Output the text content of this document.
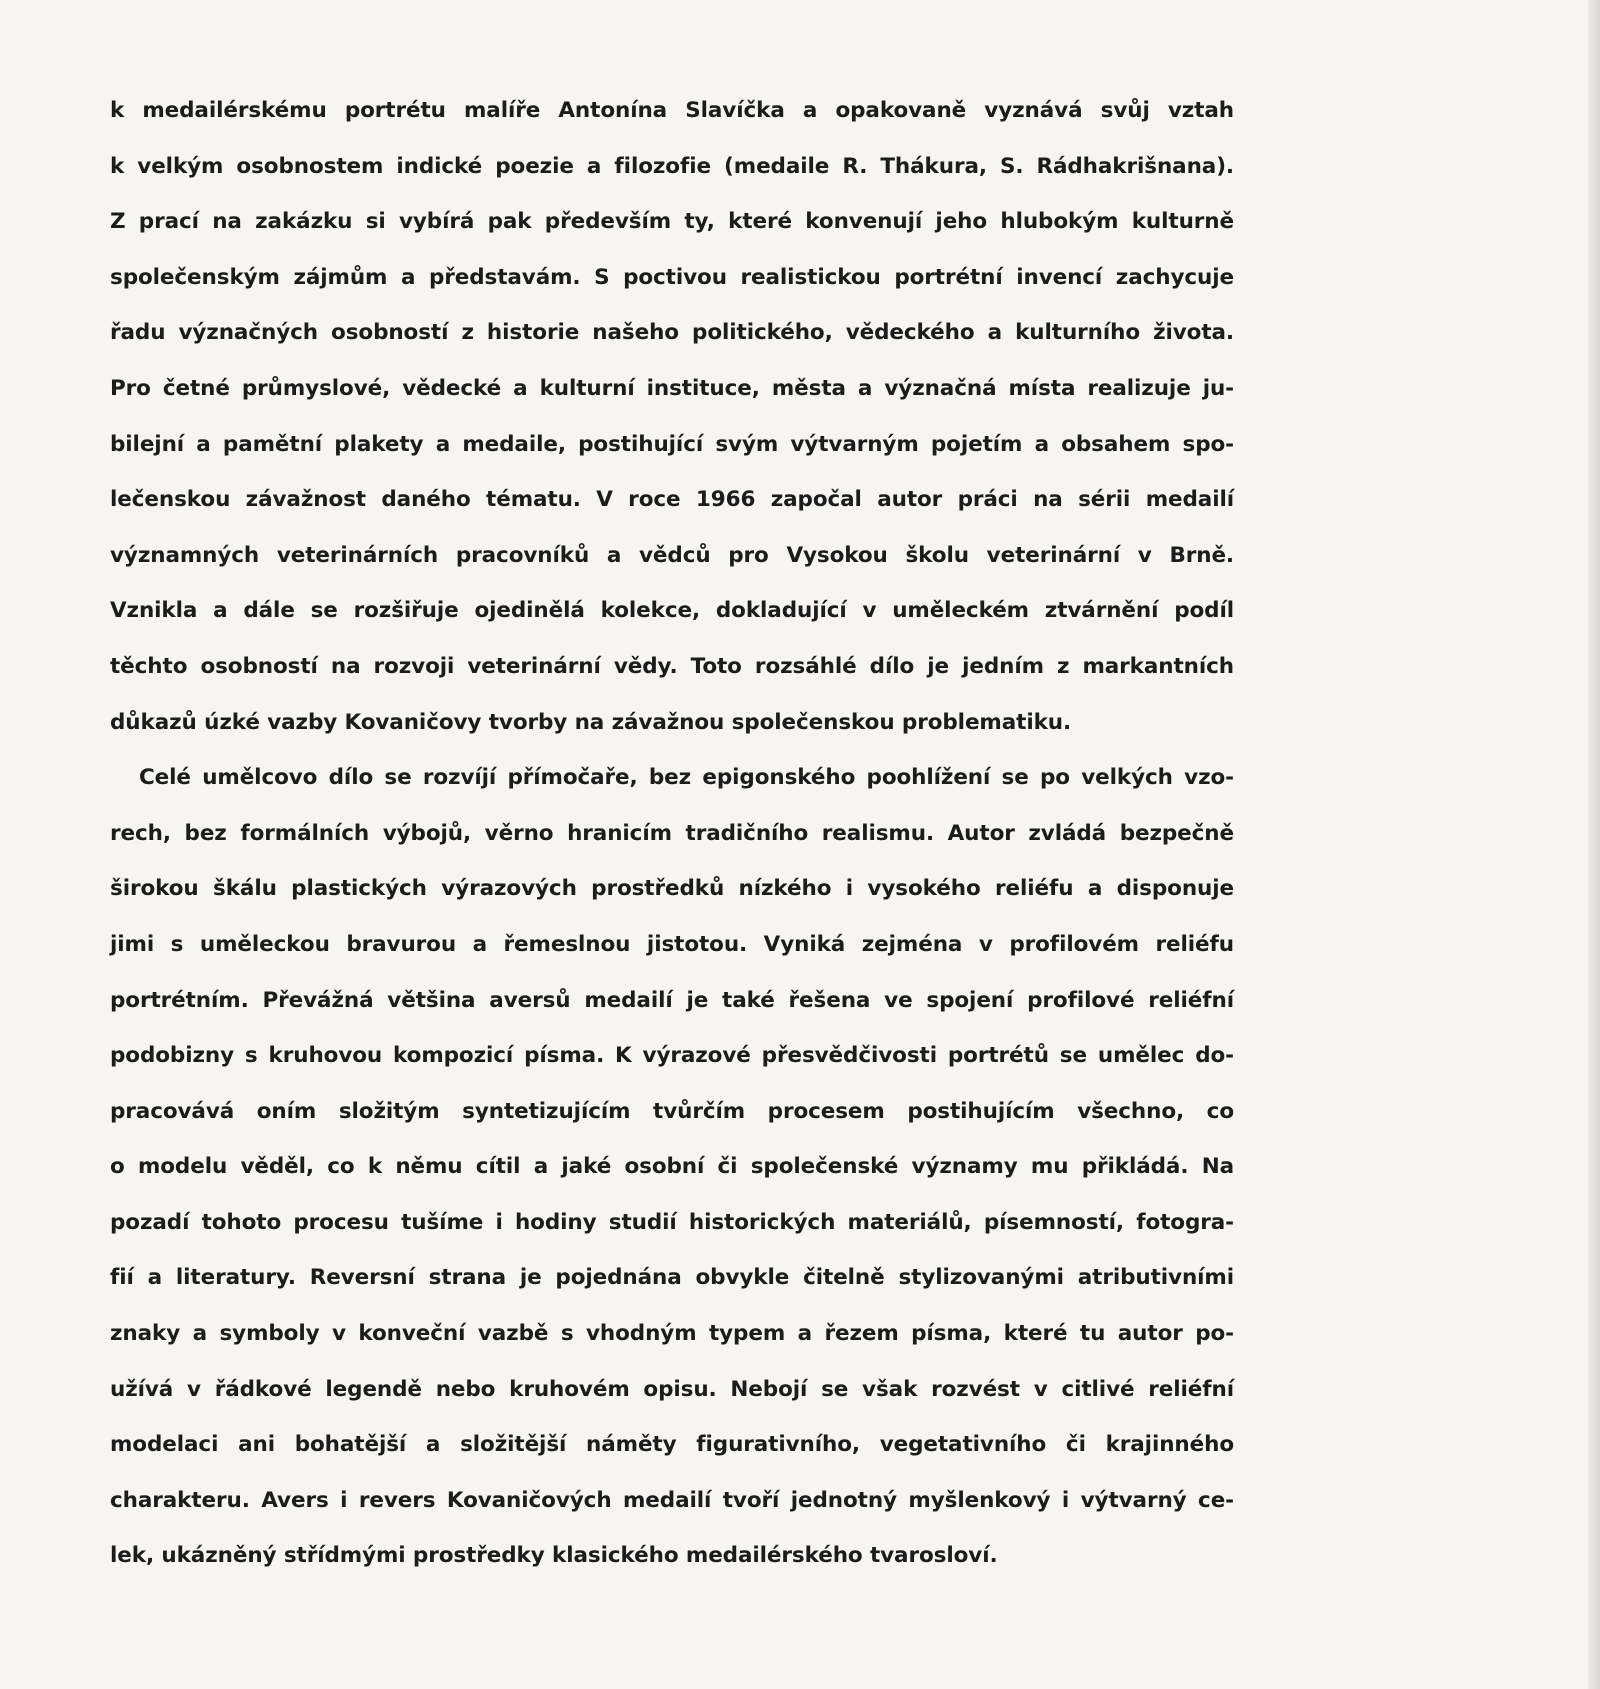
k medailérskému portrétu malíře Antonína Slavíčka a opakovaně vyznává svůj vztah
k velkým osobnostem indické poezie a filozofie (medaile R. Thákura, S. Rádhakrišnana).
Z prací na zakázku si vybírá pak především ty, které konvenují jeho hlubokým kulturně
společenským zájmům a představám. S poctivou realistickou portrétní invencí zachycuje
řadu význačných osobností z historie našeho politického, vědeckého a kulturního života.
Pro četné průmyslové, vědecké a kulturní instituce, města a význačná místa realizuje ju-
bilejní a pamětní plakety a medaile, postihující svým výtvarným pojetím a obsahem spo-
lečenskou závažnost daného tématu. V roce 1966 započal autor práci na sérii medailí
významných veterinárních pracovníků a vědců pro Vysokou školu veterinární v Brně.
Vznikla a dále se rozšiřuje ojedinělá kolekce, dokladující v uměleckém ztvárnění podíl
těchto osobností na rozvoji veterinární vědy. Toto rozsáhlé dílo je jedním z markantních
důkazů úzké vazby Kovaničovy tvorby na závažnou společenskou problematiku.
Celé umělcovo dílo se rozvíjí přímočaře, bez epigonského poohlížení se po velkých vzo-
rech, bez formálních výbojů, věrno hranicím tradičního realismu. Autor zvládá bezpečně
širokou škálu plastických výrazových prostředků nízkého i vysokého reliéfu a disponuje
jimi s uměleckou bravurou a řemeslnou jistotou. Vyniká zejména v profilovém reliéfu
portrétním. Převážná většina aversů medailí je také řešena ve spojení profilové reliéfní
podobizny s kruhovou kompozicí písma. K výrazové přesvědčivosti portrétů se umělec do-
pracovává oním složitým syntetizujícím tvůrčím procesem postihujícím všechno, co
o modelu věděl, co k němu cítil a jaké osobní či společenské významy mu přikládá. Na
pozadí tohoto procesu tušíme i hodiny studií historických materiálů, písemností, fotogra-
fií a literatury. Reversní strana je pojednána obvykle čitelně stylizovanými atributivními
znaky a symboly v konveční vazbě s vhodným typem a řezem písma, které tu autor po-
užívá v řádkové legendě nebo kruhovém opisu. Nebojí se však rozvést v citlivé reliéfní
modelaci ani bohatější a složitější náměty figurativního, vegetativního či krajinného
charakteru. Avers i revers Kovaničových medailí tvoří jednotný myšlenkový i výtvarný ce-
lek, ukázněný střídmými prostředky klasického medailérského tvarosloví.
